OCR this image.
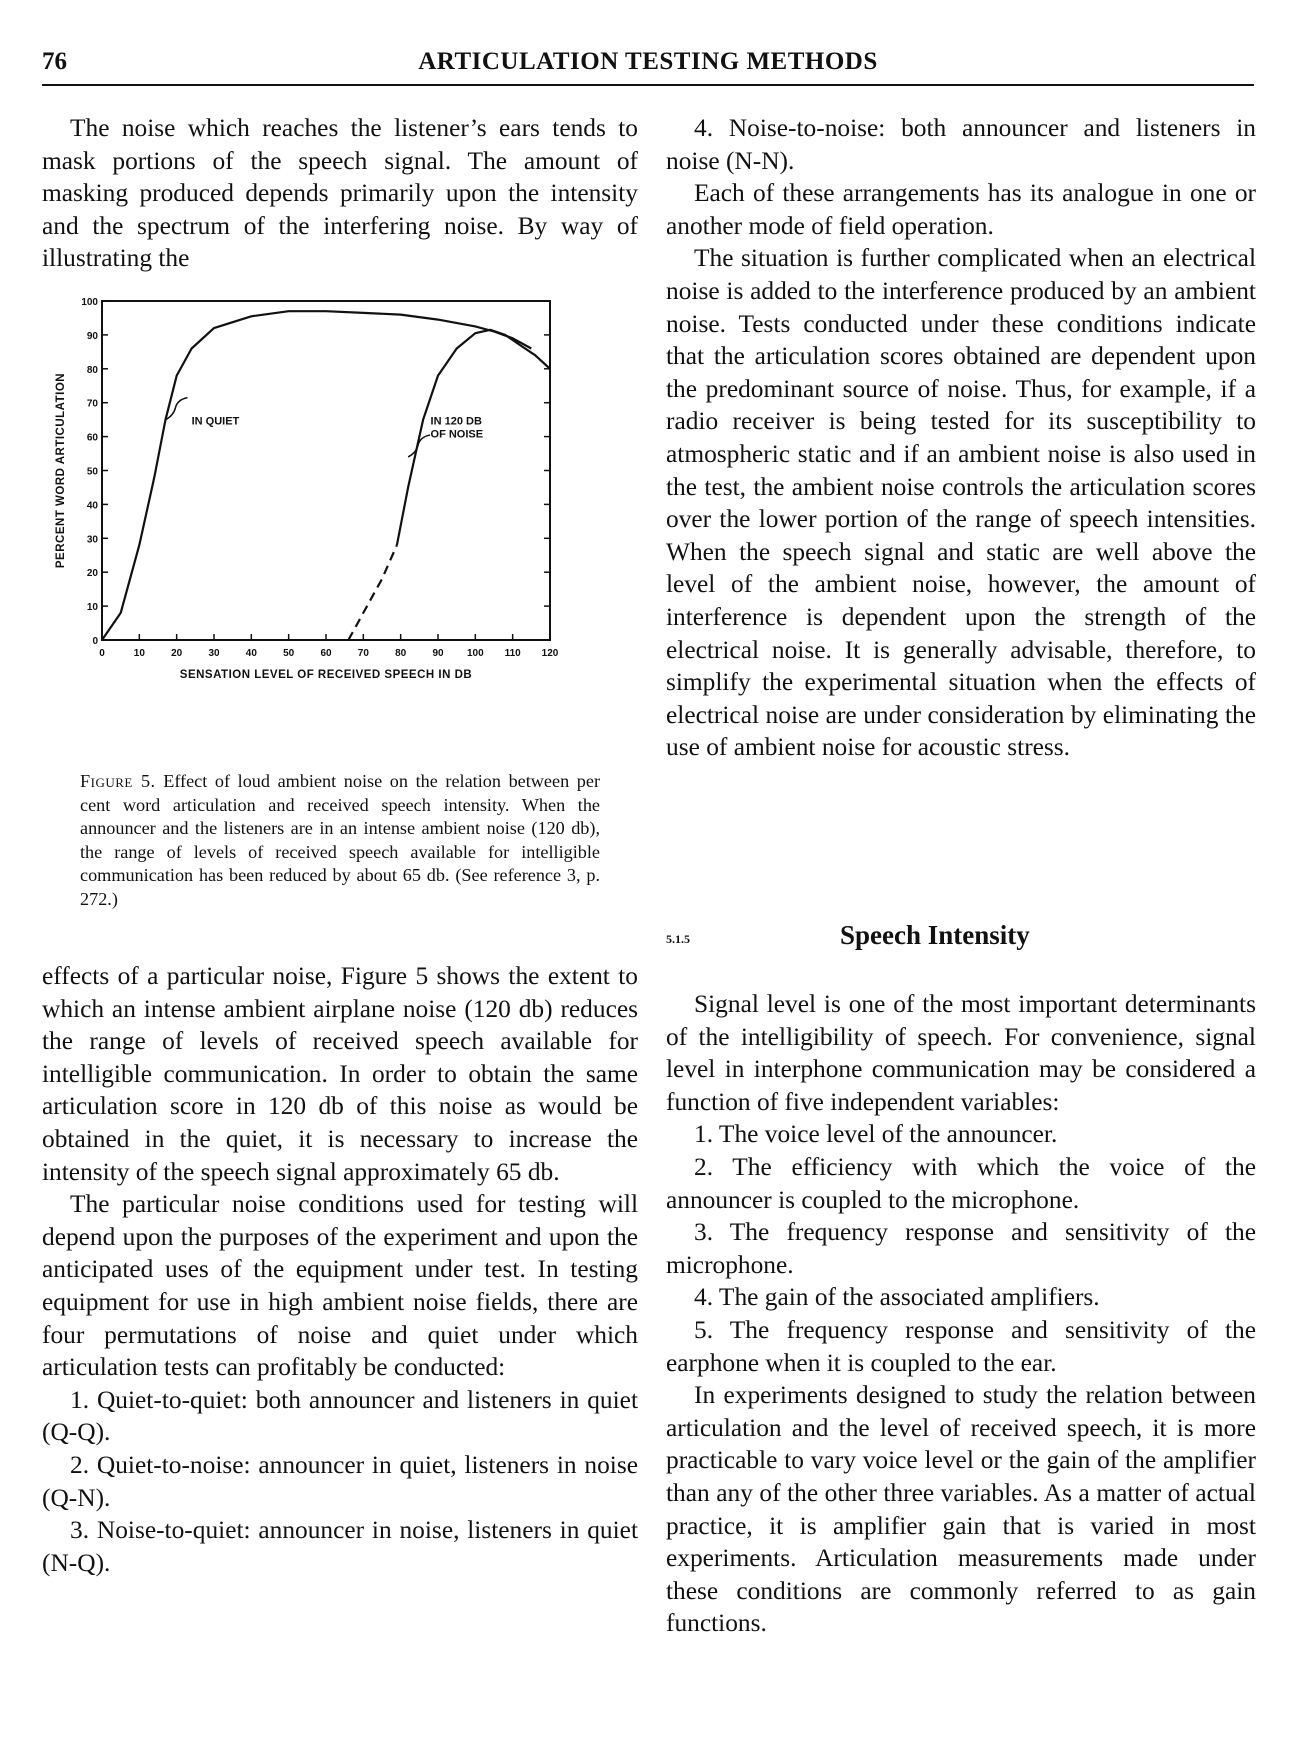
76	ARTICULATION TESTING METHODS

The noise which reaches the listener’s ears tends to mask portions of the speech signal. The amount of masking produced depends primarily upon the intensity and the spectrum of the interfering noise. By way of illustrating the

0
10
20
30
40
50
60
70
80
90
100
0	10	20	30	40	50	60	70	80	90 100 110 120
IN QUIET	IN 120 DB
OF NOISE
SENSATION LEVEL OF RECEIVED SPEECH IN DB
PERCENT WORD ARTICULATION
Figure 5. Effect of loud ambient noise on the relation between per cent word articulation and received speech intensity. When the announcer and the listeners are in an intense ambient noise (120 db), the range of levels of received speech available for intelligible communication has been reduced by about 65 db. (See reference 3, p. 272.)

effects of a particular noise, Figure 5 shows the extent to which an intense ambient airplane noise (120 db) reduces the range of levels of received speech available for intelligible communication. In order to obtain the same articulation score in 120 db of this noise as would be obtained in the quiet, it is necessary to increase the intensity of the speech signal approximately 65 db.

The particular noise conditions used for testing will depend upon the purposes of the experiment and upon the anticipated uses of the equipment under test. In testing equipment for use in high ambient noise fields, there are four permutations of noise and quiet under which articulation tests can profitably be conducted:

1. Quiet-to-quiet: both announcer and listeners in quiet (Q-Q).

2. Quiet-to-noise: announcer in quiet, listeners in noise (Q-N).

3. Noise-to-quiet: announcer in noise, listeners in quiet (N-Q).

4. Noise-to-noise: both announcer and listeners in noise (N-N).

Each of these arrangements has its analogue in one or another mode of field operation.

The situation is further complicated when an electrical noise is added to the interference produced by an ambient noise. Tests conducted under these conditions indicate that the articulation scores obtained are dependent upon the predominant source of noise. Thus, for example, if a radio receiver is being tested for its susceptibility to atmospheric static and if an ambient noise is also used in the test, the ambient noise controls the articulation scores over the lower portion of the range of speech intensities. When the speech signal and static are well above the level of the ambient noise, however, the amount of interference is dependent upon the strength of the electrical noise. It is generally advisable, therefore, to simplify the experimental situation when the effects of electrical noise are under consideration by eliminating the use of ambient noise for acoustic stress.

5.1.5	Speech Intensity

Signal level is one of the most important determinants of the intelligibility of speech. For convenience, signal level in interphone communication may be considered a function of five independent variables:

1. The voice level of the announcer.

2. The efficiency with which the voice of the announcer is coupled to the microphone.

3. The frequency response and sensitivity of the microphone.

4. The gain of the associated amplifiers.

5. The frequency response and sensitivity of the earphone when it is coupled to the ear.

In experiments designed to study the relation between articulation and the level of received speech, it is more practicable to vary voice level or the gain of the amplifier than any of the other three variables. As a matter of actual practice, it is amplifier gain that is varied in most experiments. Articulation measurements made under these conditions are commonly referred to as gain functions.
